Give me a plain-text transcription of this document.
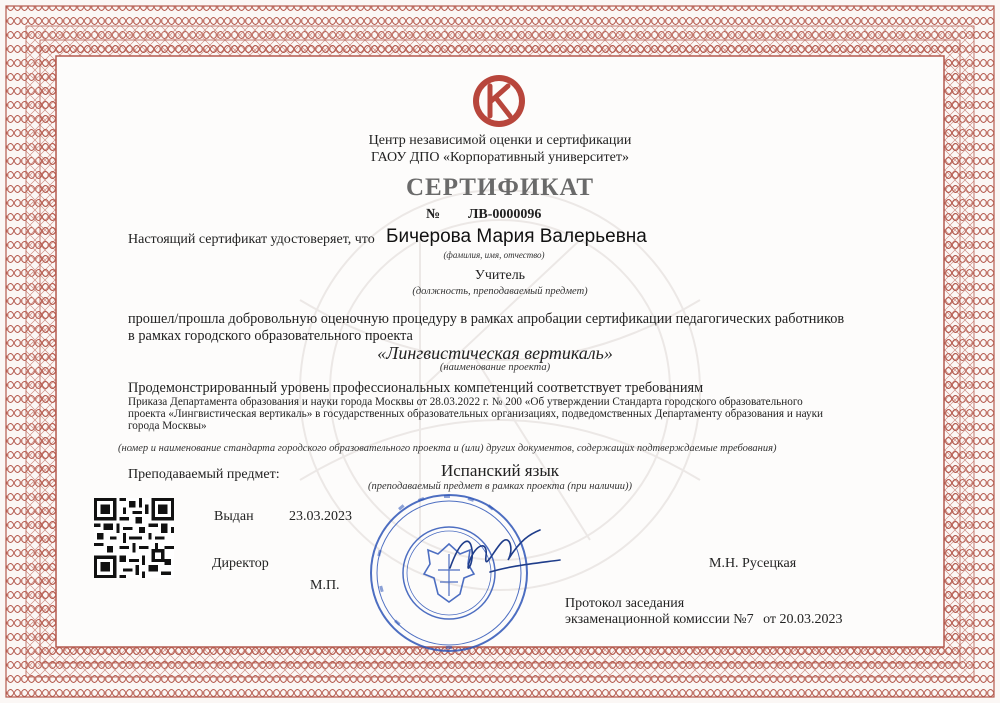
Центр независимой оценки и сертификации
ГАОУ ДПО «Корпоративный университет»
СЕРТИФИКАТ
№ ЛВ-0000096
Настоящий сертификат удостоверяет, что Бичерова Мария Валерьевна
(фамилия, имя, отчество)
Учитель
(должность, преподаваемый предмет)
прошел/прошла добровольную оценочную процедуру в рамках апробации сертификации педагогических работников
в рамках городского образовательного проекта
«Лингвистическая вертикаль»
(наименование проекта)
Продемонстрированный уровень профессиональных компетенций соответствует требованиям
Приказа Департамента образования и науки города Москвы от 28.03.2022 г. № 200 «Об утверждении Стандарта городского образовательного
проекта «Лингвистическая вертикаль» в государственных образовательных организациях, подведомственных Департаменту образования и науки
города Москвы»
(номер и наименование стандарта городского образовательного проекта и (или) других документов, содержащих подтверждаемые требования)
Преподаваемый предмет:	Испанский язык
(преподаваемый предмет в рамках проекта (при наличии))
Выдан	23.03.2023
Директор	М.Н. Русецкая
М.П.
Протокол заседания
экзаменационной комиссии №7 от 20.03.2023
